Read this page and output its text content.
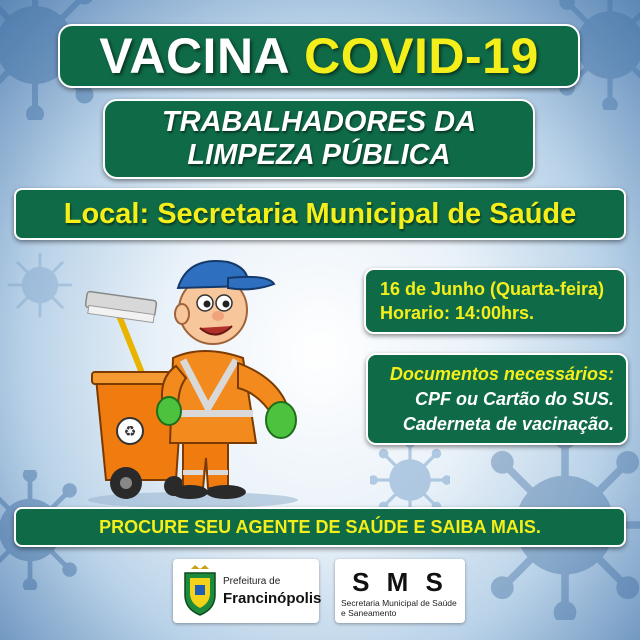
VACINA COVID-19
TRABALHADORES DA
LIMPEZA PÚBLICA
Local: Secretaria Municipal de Saúde
♻
16 de Junho (Quarta-feira)
Horario: 14:00hrs.
Documentos necessários:
CPF ou Cartão do SUS.
Caderneta de vacinação.
PROCURE SEU AGENTE DE SAÚDE E SAIBA MAIS.
Prefeitura de
Francinópolis
S M S
Secretaria Municipal de Saúde
e Saneamento
